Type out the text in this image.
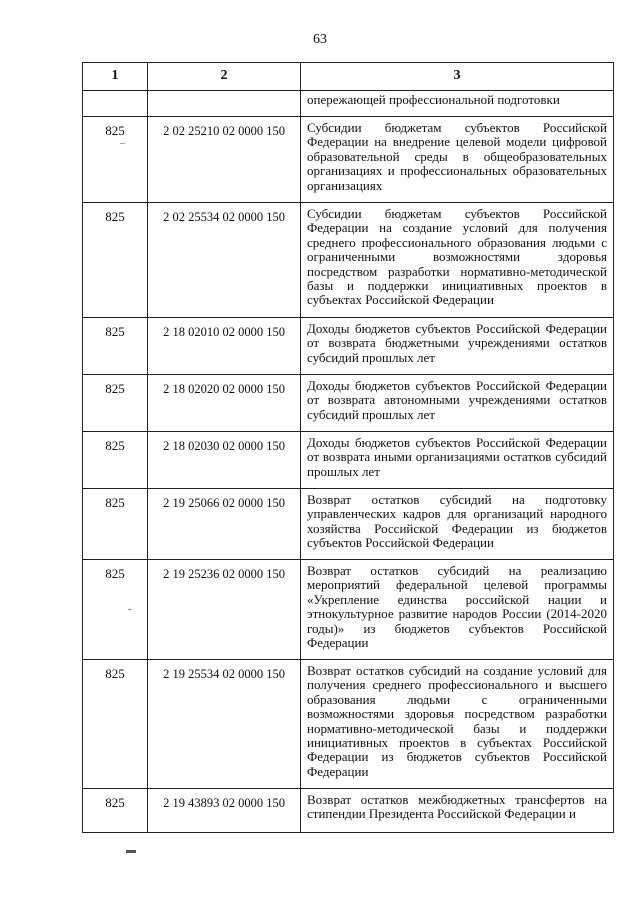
63
1	2	3

		опережающей профессиональной подготовки

825	2 02 25210 02 0000 150	Субсидии бюджетам субъектов Российской Федерации на внедрение целевой модели цифровой образовательной среды в общеобразовательных организациях и профессиональных образовательных организациях

825	2 02 25534 02 0000 150	Субсидии бюджетам субъектов Российской Федерации на создание условий для получения среднего профессионального образования людьми с ограниченными возможностями здоровья посредством разработки нормативно-методической базы и поддержки инициативных проектов в субъектах Российской Федерации

825	2 18 02010 02 0000 150	Доходы бюджетов субъектов Российской Федерации от возврата бюджетными учреждениями остатков субсидий прошлых лет

825	2 18 02020 02 0000 150	Доходы бюджетов субъектов Российской Федерации от возврата автономными учреждениями остатков субсидий прошлых лет

825	2 18 02030 02 0000 150	Доходы бюджетов субъектов Российской Федерации от возврата иными организациями остатков субсидий прошлых лет

825	2 19 25066 02 0000 150	Возврат остатков субсидий на подготовку управленческих кадров для организаций народного хозяйства Российской Федерации из бюджетов субъектов Российской Федерации

825	2 19 25236 02 0000 150	Возврат остатков субсидий на реализацию мероприятий федеральной целевой программы «Укрепление единства российской нации и этнокультурное развитие народов России (2014-2020 годы)» из бюджетов субъектов Российской Федерации

825	2 19 25534 02 0000 150	Возврат остатков субсидий на создание условий для получения среднего профессионального и высшего образования людьми с ограниченными возможностями здоровья посредством разработки нормативно-методической базы и поддержки инициативных проектов в субъектах Российской Федерации из бюджетов субъектов Российской Федерации

825	2 19 43893 02 0000 150	Возврат остатков межбюджетных трансфертов на стипендии Президента Российской Федерации и
–
-
▬
